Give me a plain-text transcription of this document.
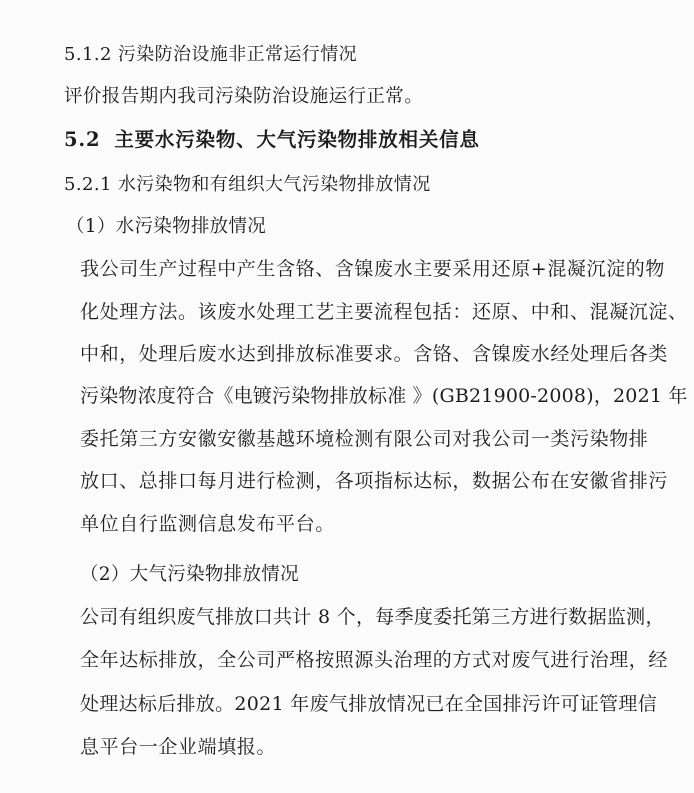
5.1.2 污染防治设施非正常运行情况
评价报告期内我司污染防治设施运行正常。
5.2 主要水污染物、大气污染物排放相关信息
5.2.1 水污染物和有组织大气污染物排放情况
（1）水污染物排放情况
我公司生产过程中产生含铬、含镍废水主要采用还原+混凝沉淀的物
化处理方法。该废水处理工艺主要流程包括：还原、中和、混凝沉淀、
中和，处理后废水达到排放标准要求。含铬、含镍废水经处理后各类
污染物浓度符合《电镀污染物排放标准 》(GB21900-2008)，2021 年
委托第三方安徽安徽基越环境检测有限公司对我公司一类污染物排
放口、总排口每月进行检测，各项指标达标，数据公布在安徽省排污
单位自行监测信息发布平台。
（2）大气污染物排放情况
公司有组织废气排放口共计 8 个，每季度委托第三方进行数据监测，
全年达标排放，全公司严格按照源头治理的方式对废气进行治理，经
处理达标后排放。2021 年废气排放情况已在全国排污许可证管理信
息平台一企业端填报。
